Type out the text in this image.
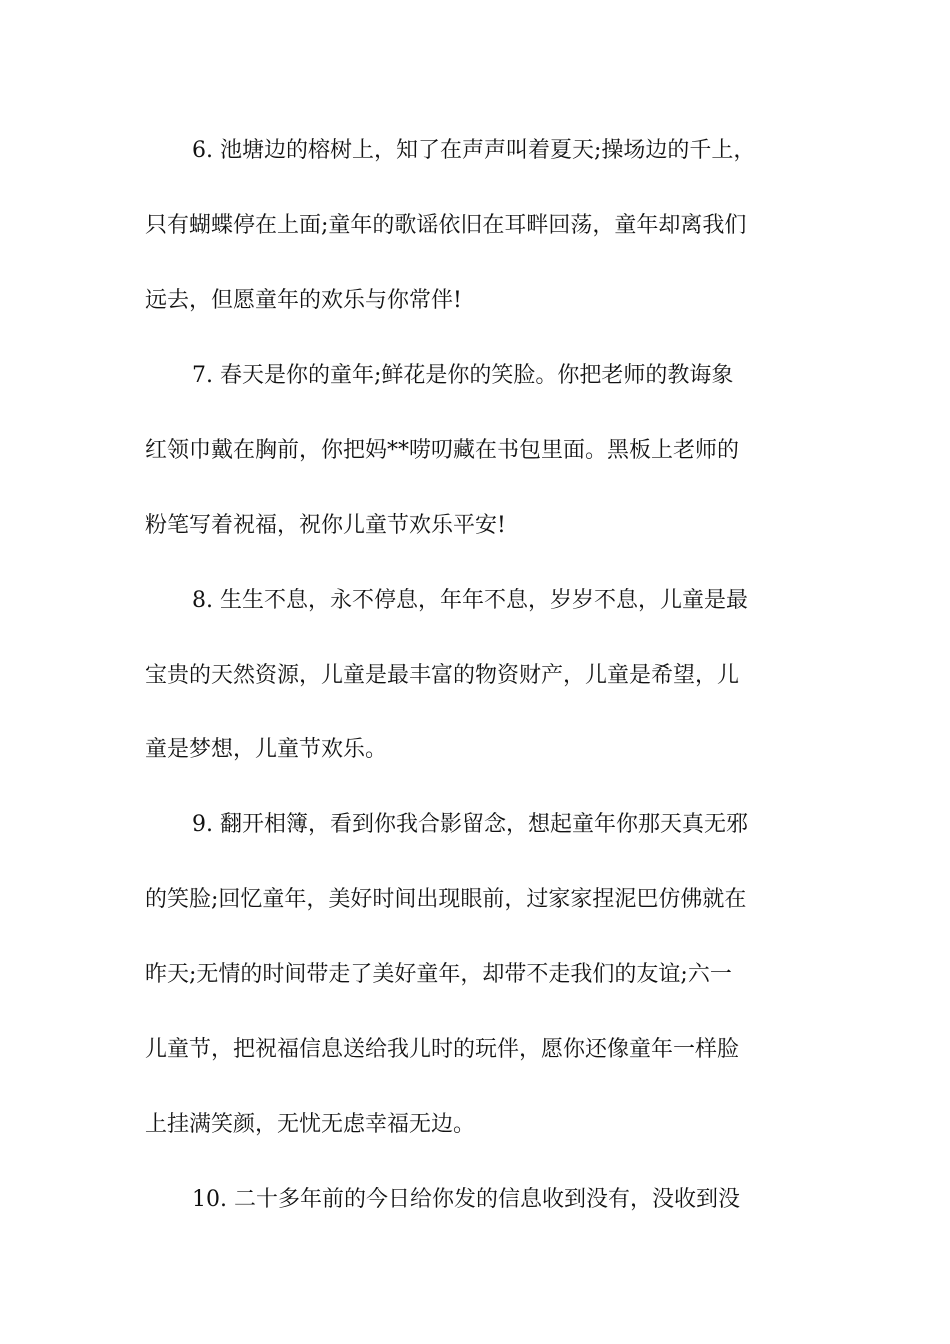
6. 池塘边的榕树上，知了在声声叫着夏天;操场边的千上，
只有蝴蝶停在上面;童年的歌谣依旧在耳畔回荡，童年却离我们
远去，但愿童年的欢乐与你常伴!
7. 春天是你的童年;鲜花是你的笑脸。你把老师的教诲象
红领巾戴在胸前，你把妈**唠叨藏在书包里面。黑板上老师的
粉笔写着祝福，祝你儿童节欢乐平安!
8. 生生不息，永不停息，年年不息，岁岁不息，儿童是最
宝贵的天然资源，儿童是最丰富的物资财产，儿童是希望，儿
童是梦想，儿童节欢乐。
9. 翻开相簿，看到你我合影留念，想起童年你那天真无邪
的笑脸;回忆童年，美好时间出现眼前，过家家捏泥巴仿佛就在
昨天;无情的时间带走了美好童年，却带不走我们的友谊;六一
儿童节，把祝福信息送给我儿时的玩伴，愿你还像童年一样脸
上挂满笑颜，无忧无虑幸福无边。
10. 二十多年前的今日给你发的信息收到没有，没收到没
